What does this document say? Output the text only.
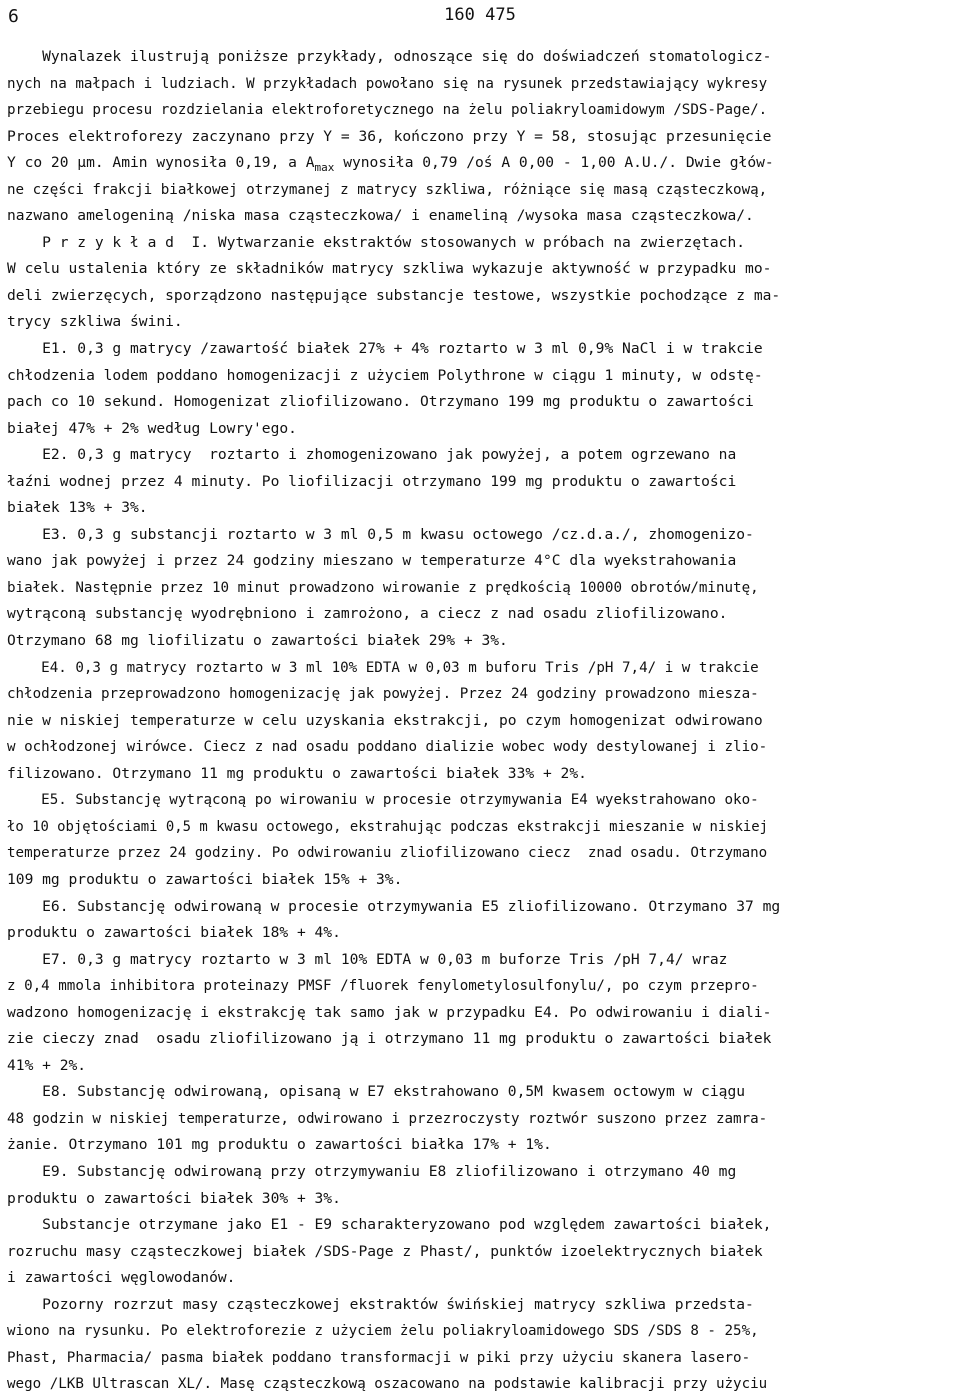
6	160 475
Wynalazek ilustrują poniższe przykłady, odnoszące się do doświadczeń stomatologicz-
nych na małpach i ludziach. W przykładach powołano się na rysunek przedstawiający wykresy
przebiegu procesu rozdzielania elektroforetycznego na żelu poliakryloamidowym /SDS-Page/.
Proces elektroforezy zaczynano przy Y = 36, kończono przy Y = 58, stosując przesunięcie
Y co 20 µm. Amin wynosiła 0,19, a $A_{max}$ wynosiła 0,79 /oś A 0,00 - 1,00 A.U./. Dwie głów-
ne części frakcji białkowej otrzymanej z matrycy szkliwa, różniące się masą cząsteczkową,
nazwano amelogeniną /niska masa cząsteczkowa/ i enameliną /wysoka masa cząsteczkowa/.
P r z y k ł a d  I. Wytwarzanie ekstraktów stosowanych w próbach na zwierzętach.
W celu ustalenia który ze składników matrycy szkliwa wykazuje aktywność w przypadku mo-
deli zwierzęcych, sporządzono następujące substancje testowe, wszystkie pochodzące z ma-
trycy szkliwa świni.
E1. 0,3 g matrycy /zawartość białek 27% + 4% roztarto w 3 ml 0,9% NaCl i w trakcie
chłodzenia lodem poddano homogenizacji z użyciem Polythrone w ciągu 1 minuty, w odstę-
pach co 10 sekund. Homogenizat zliofilizowano. Otrzymano 199 mg produktu o zawartości
białej 47% + 2% według Lowry'ego.
E2. 0,3 g matrycy  roztarto i zhomogenizowano jak powyżej, a potem ogrzewano na
łaźni wodnej przez 4 minuty. Po liofilizacji otrzymano 199 mg produktu o zawartości
białek 13% + 3%.
E3. 0,3 g substancji roztarto w 3 ml 0,5 m kwasu octowego /cz.d.a./, zhomogenizo-
wano jak powyżej i przez 24 godziny mieszano w temperaturze 4°C dla wyekstrahowania
białek. Następnie przez 10 minut prowadzono wirowanie z prędkością 10000 obrotów/minutę,
wytrąconą substancję wyodrębniono i zamrożono, a ciecz z nad osadu zliofilizowano.
Otrzymano 68 mg liofilizatu o zawartości białek 29% + 3%.
E4. 0,3 g matrycy roztarto w 3 ml 10% EDTA w 0,03 m buforu Tris /pH 7,4/ i w trakcie
chłodzenia przeprowadzono homogenizację jak powyżej. Przez 24 godziny prowadzono miesza-
nie w niskiej temperaturze w celu uzyskania ekstrakcji, po czym homogenizat odwirowano
w ochłodzonej wirówce. Ciecz z nad osadu poddano dializie wobec wody destylowanej i zlio-
filizowano. Otrzymano 11 mg produktu o zawartości białek 33% + 2%.
E5. Substancję wytrąconą po wirowaniu w procesie otrzymywania E4 wyekstrahowano oko-
ło 10 objętościami 0,5 m kwasu octowego, ekstrahując podczas ekstrakcji mieszanie w niskiej
temperaturze przez 24 godziny. Po odwirowaniu zliofilizowano ciecz  znad osadu. Otrzymano
109 mg produktu o zawartości białek 15% + 3%.
E6. Substancję odwirowaną w procesie otrzymywania E5 zliofilizowano. Otrzymano 37 mg
produktu o zawartości białek 18% + 4%.
E7. 0,3 g matrycy roztarto w 3 ml 10% EDTA w 0,03 m buforze Tris /pH 7,4/ wraz
z 0,4 mmola inhibitora proteinazy PMSF /fluorek fenylometylosulfonylu/, po czym przepro-
wadzono homogenizację i ekstrakcję tak samo jak w przypadku E4. Po odwirowaniu i diali-
zie cieczy znad  osadu zliofilizowano ją i otrzymano 11 mg produktu o zawartości białek
41% + 2%.
E8. Substancję odwirowaną, opisaną w E7 ekstrahowano 0,5M kwasem octowym w ciągu
48 godzin w niskiej temperaturze, odwirowano i przezroczysty roztwór suszono przez zamra-
żanie. Otrzymano 101 mg produktu o zawartości białka 17% + 1%.
E9. Substancję odwirowaną przy otrzymywaniu E8 zliofilizowano i otrzymano 40 mg
produktu o zawartości białek 30% + 3%.
Substancje otrzymane jako E1 - E9 scharakteryzowano pod względem zawartości białek,
rozruchu masy cząsteczkowej białek /SDS-Page z Phast/, punktów izoelektrycznych białek
i zawartości węglowodanów.
Pozorny rozrzut masy cząsteczkowej ekstraktów świńskiej matrycy szkliwa przedsta-
wiono na rysunku. Po elektroforezie z użyciem żelu poliakryloamidowego SDS /SDS 8 - 25%,
Phast, Pharmacia/ pasma białek poddano transformacji w piki przy użyciu skanera lasero-
wego /LKB Ultrascan XL/. Masę cząsteczkową oszacowano na podstawie kalibracji przy użyciu
